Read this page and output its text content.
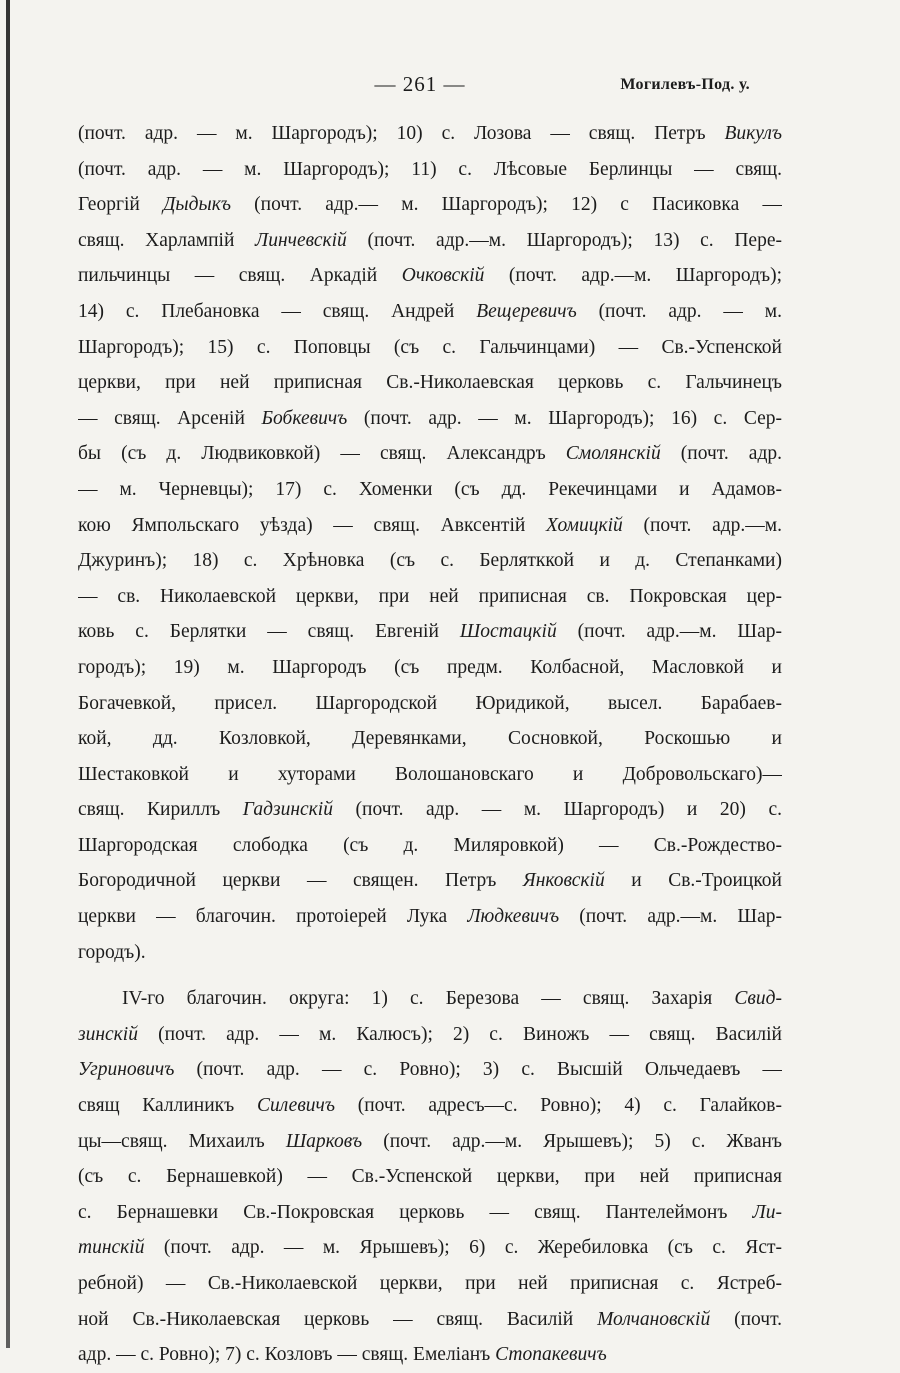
— 261 —	Могилевъ-Под. у.
(почт. адр. — м. Шаргородъ); 10) с. Лозова — свящ. Петръ Викулъ
(почт. адр. — м. Шаргородъ); 11) с. Лѣсовые Берлинцы — свящ.
Георгій Дыдыкъ (почт. адр.— м. Шаргородъ); 12) с Пасиковка —
свящ. Харлампій Линчевскій (почт. адр.—м. Шаргородъ); 13) с. Пере-
пильчинцы — свящ. Аркадій Очковскій (почт. адр.—м. Шаргородъ);
14) с. Плебановка — свящ. Андрей Вещеревичъ (почт. адр. — м.
Шаргородъ); 15) с. Поповцы (съ с. Гальчинцами) — Св.-Успенской
церкви, при ней приписная Св.-Николаевская церковь с. Гальчинецъ
— свящ. Арсеній Бобкевичъ (почт. адр. — м. Шаргородъ); 16) с. Сер-
бы (съ д. Людвиковкой) — свящ. Александръ Смолянскій (почт. адр.
— м. Черневцы); 17) с. Хоменки (съ дд. Рекечинцами и Адамов-
кою Ямпольскаго уѣзда) — свящ. Авксентій Хомицкій (почт. адр.—м.
Джуринъ); 18) с. Хрѣновка (съ с. Берлятккой и д. Степанками)
— св. Николаевской церкви, при ней приписная св. Покровская цер-
ковь с. Берлятки — свящ. Евгеній Шостацкій (почт. адр.—м. Шар-
городъ); 19) м. Шаргородъ (съ предм. Колбасной, Масловкой и
Богачевкой, присел. Шаргородской Юридикой, высел. Барабаев-
кой, дд. Козловкой, Деревянками, Сосновкой, Роскошью и
Шестаковкой и хуторами Волошановскаго и Добровольскаго)—
свящ. Кириллъ Гадзинскій (почт. адр. — м. Шаргородъ) и 20) с.
Шаргородская слободка (съ д. Миляровкой) — Св.-Рождество-
Богородичной церкви — священ. Петръ Янковскій и Св.-Троицкой
церкви — благочин. протоіерей Лука Людкевичъ (почт. адр.—м. Шар-
городъ).
IV-го благочин. округа: 1) с. Березова — свящ. Захарія Свид-
зинскій (почт. адр. — м. Калюсъ); 2) с. Виножъ — свящ. Василій
Угриновичъ (почт. адр. — с. Ровно); 3) с. Высшій Ольчедаевъ —
свящ Каллиникъ Силевичъ (почт. адресъ—с. Ровно); 4) с. Галайков-
цы—свящ. Михаилъ Шарковъ (почт. адр.—м. Ярышевъ); 5) с. Жванъ
(съ с. Бернашевкой) — Св.-Успенской церкви, при ней приписная
с. Бернашевки Св.-Покровская церковь — свящ. Пантелеймонъ Ли-
тинскій (почт. адр. — м. Ярышевъ); 6) с. Жеребиловка (съ с. Яст-
ребной) — Св.-Николаевской церкви, при ней приписная с. Ястреб-
ной Св.-Николаевская церковь — свящ. Василій Молчановскій (почт.
адр. — с. Ровно); 7) с. Козловъ — свящ. Емеліанъ Стопакевичъ
